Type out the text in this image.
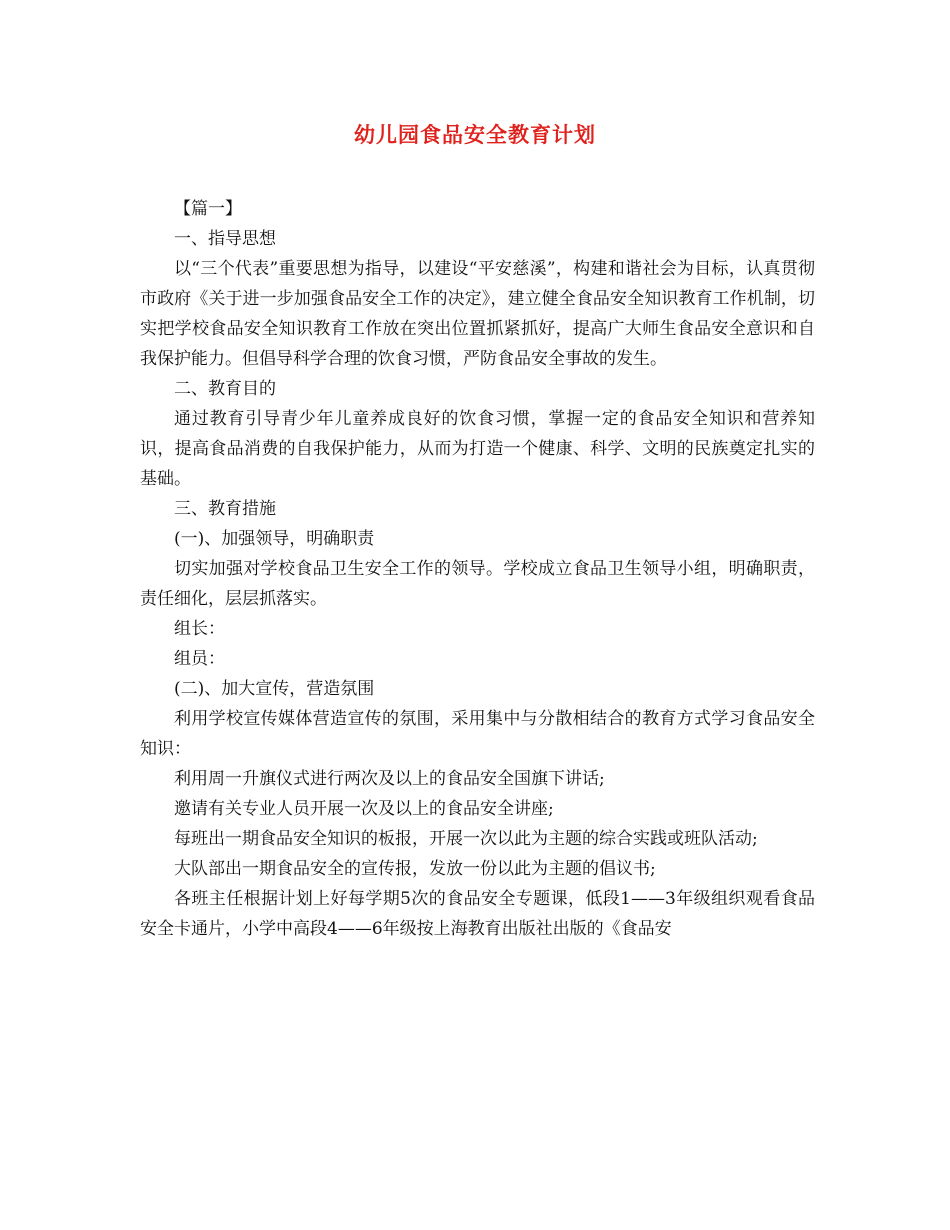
幼儿园食品安全教育计划

【篇一】

一、指导思想

以“三个代表”重要思想为指导，以建设“平安慈溪”，构建和谐社会为目标，认真贯彻市政府《关于进一步加强食品安全工作的决定》，建立健全食品安全知识教育工作机制，切实把学校食品安全知识教育工作放在突出位置抓紧抓好，提高广大师生食品安全意识和自我保护能力。但倡导科学合理的饮食习惯，严防食品安全事故的发生。

二、教育目的

通过教育引导青少年儿童养成良好的饮食习惯，掌握一定的食品安全知识和营养知识，提高食品消费的自我保护能力，从而为打造一个健康、科学、文明的民族奠定扎实的基础。

三、教育措施

(一)、加强领导，明确职责

切实加强对学校食品卫生安全工作的领导。学校成立食品卫生领导小组，明确职责，责任细化，层层抓落实。

组长：

组员：

(二)、加大宣传，营造氛围

利用学校宣传媒体营造宣传的氛围，采用集中与分散相结合的教育方式学习食品安全知识：

利用周一升旗仪式进行两次及以上的食品安全国旗下讲话;

邀请有关专业人员开展一次及以上的食品安全讲座;

每班出一期食品安全知识的板报，开展一次以此为主题的综合实践或班队活动;

大队部出一期食品安全的宣传报，发放一份以此为主题的倡议书;

各班主任根据计划上好每学期5次的食品安全专题课，低段1——3年级组织观看食品安全卡通片，小学中高段4——6年级按上海教育出版社出版的《食品安
